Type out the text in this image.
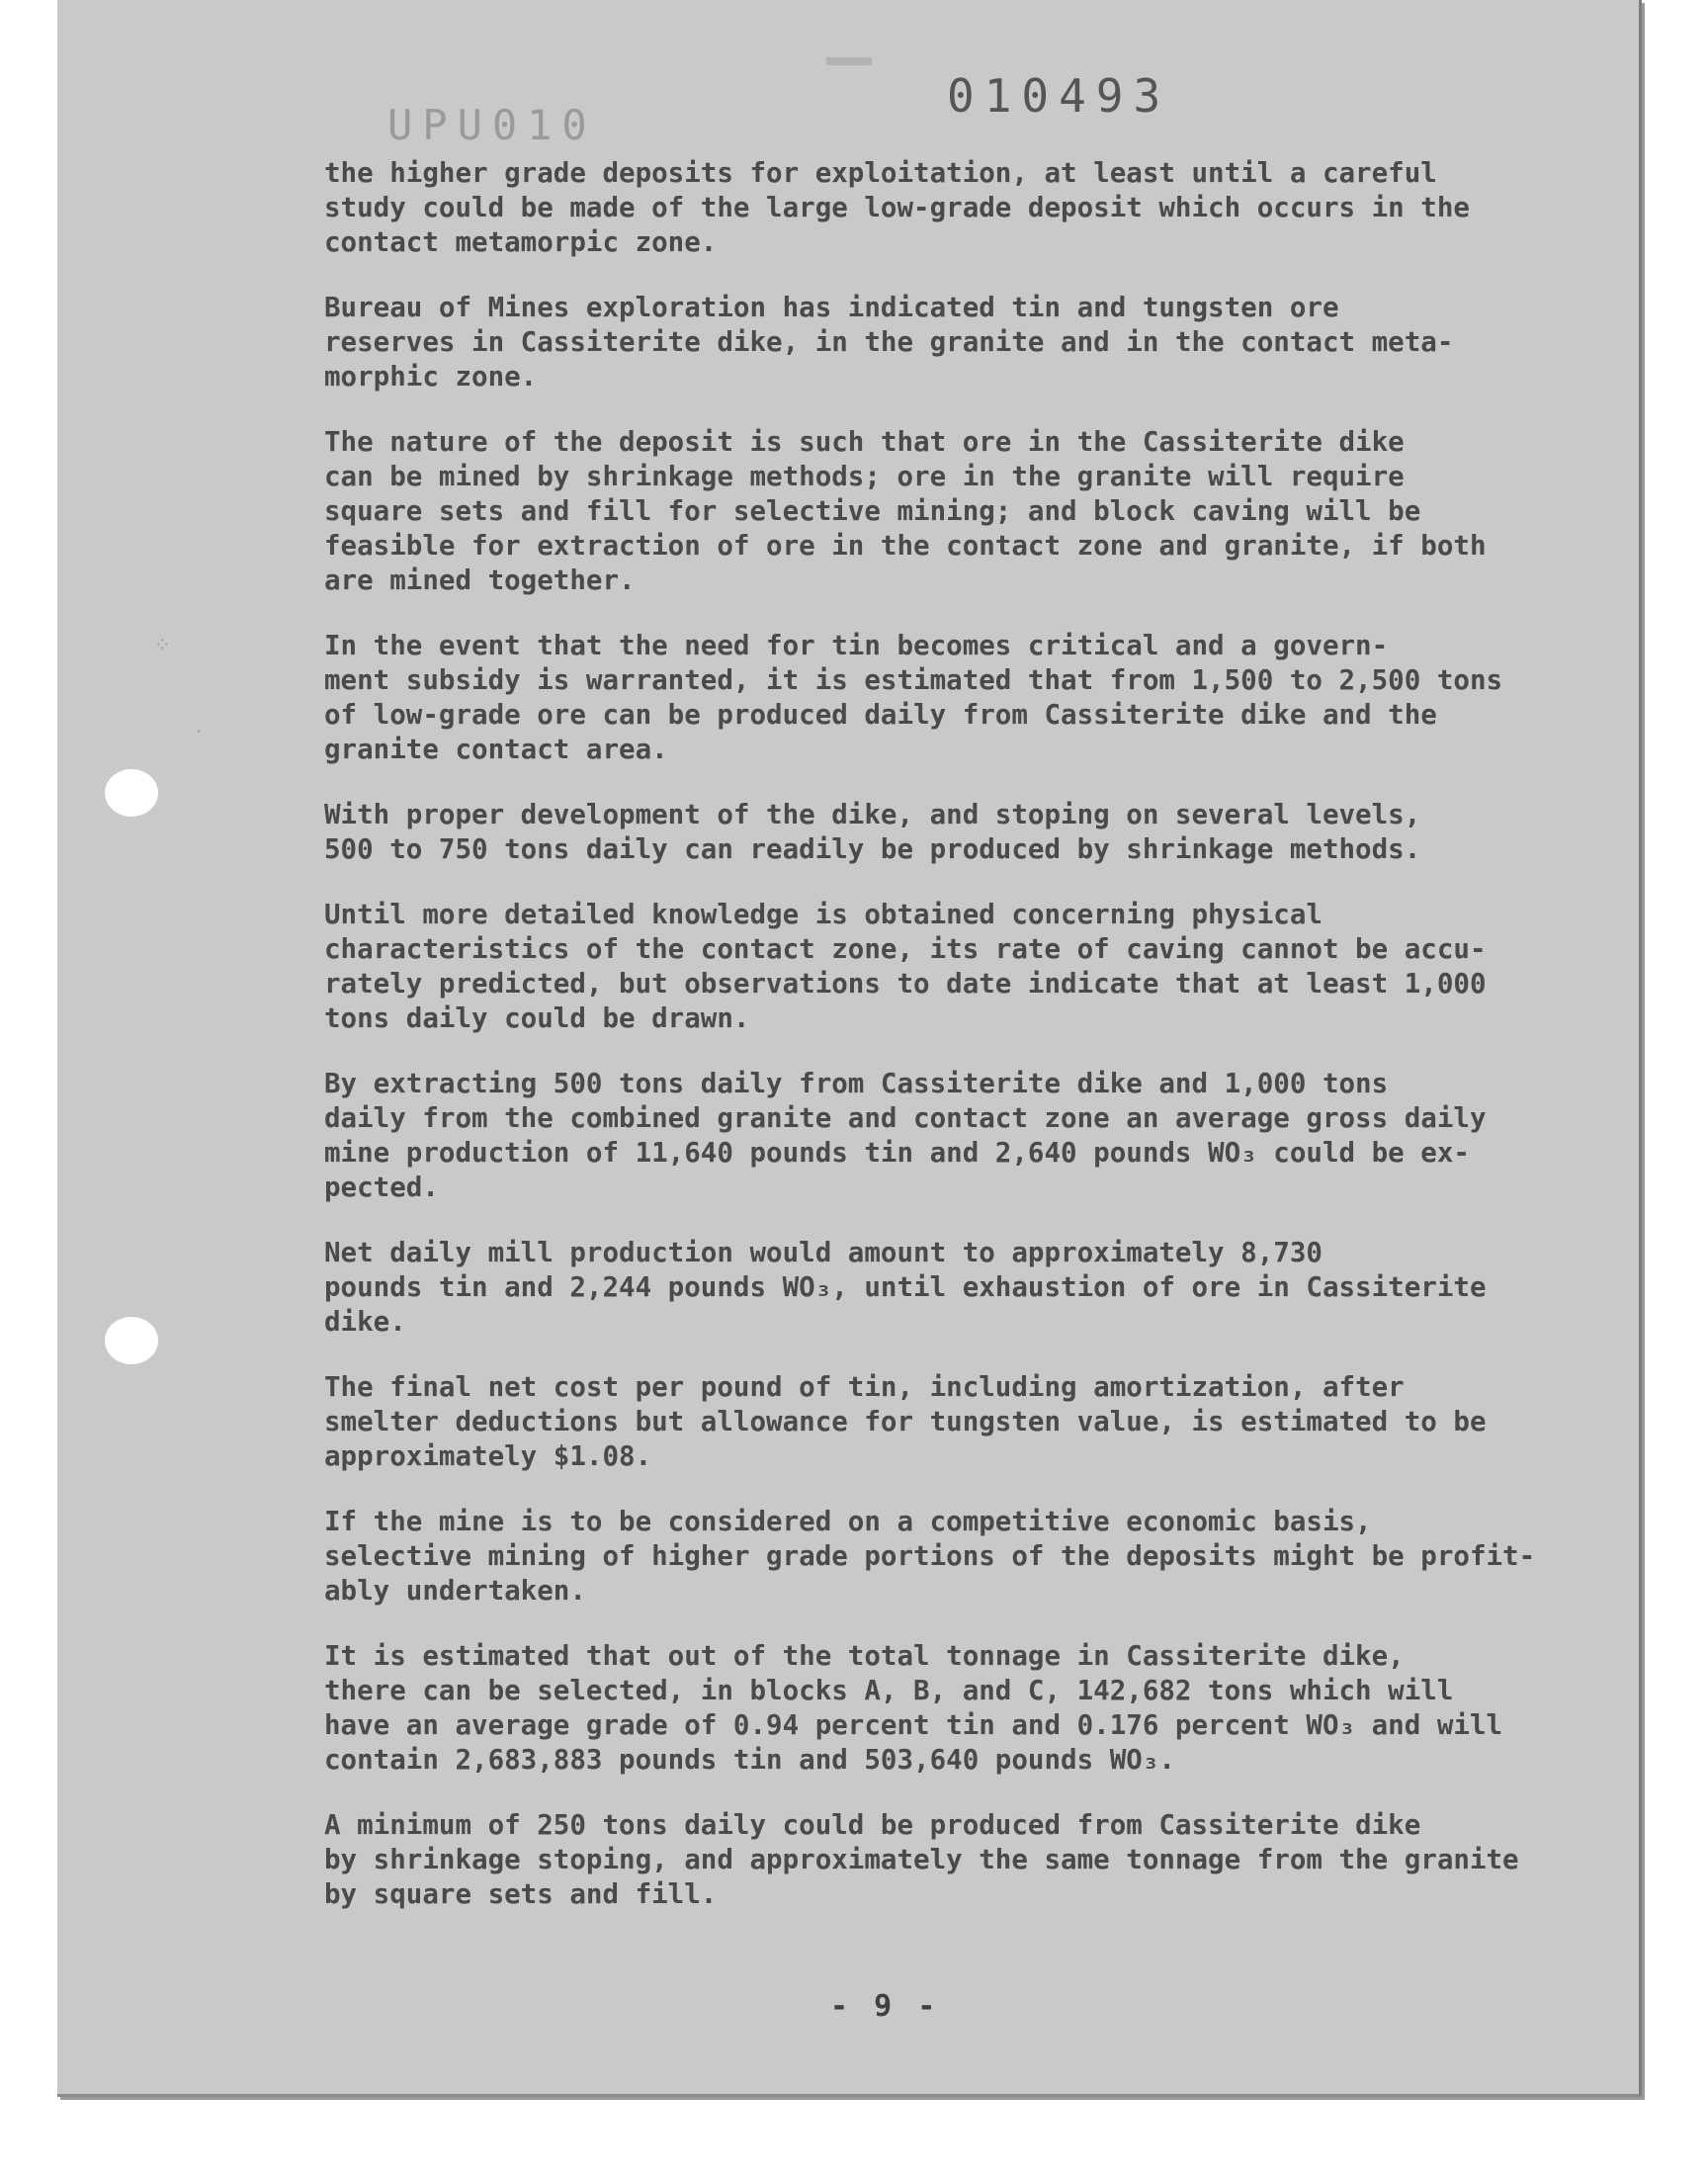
UPU010
010493
⁘
·

the higher grade deposits for exploitation, at least until a careful
study could be made of the large low-grade deposit which occurs in the
contact metamorpic zone.

Bureau of Mines exploration has indicated tin and tungsten ore
reserves in Cassiterite dike, in the granite and in the contact meta-
morphic zone.

The nature of the deposit is such that ore in the Cassiterite dike
can be mined by shrinkage methods; ore in the granite will require
square sets and fill for selective mining; and block caving will be
feasible for extraction of ore in the contact zone and granite, if both
are mined together.

In the event that the need for tin becomes critical and a govern-
ment subsidy is warranted, it is estimated that from 1,500 to 2,500 tons
of low-grade ore can be produced daily from Cassiterite dike and the
granite contact area.

With proper development of the dike, and stoping on several levels,
500 to 750 tons daily can readily be produced by shrinkage methods.

Until more detailed knowledge is obtained concerning physical
characteristics of the contact zone, its rate of caving cannot be accu-
rately predicted, but observations to date indicate that at least 1,000
tons daily could be drawn.

By extracting 500 tons daily from Cassiterite dike and 1,000 tons
daily from the combined granite and contact zone an average gross daily
mine production of 11,640 pounds tin and 2,640 pounds WO₃ could be ex-
pected.

Net daily mill production would amount to approximately 8,730
pounds tin and 2,244 pounds WO₃, until exhaustion of ore in Cassiterite
dike.

The final net cost per pound of tin, including amortization, after
smelter deductions but allowance for tungsten value, is estimated to be
approximately $1.08.

If the mine is to be considered on a competitive economic basis,
selective mining of higher grade portions of the deposits might be profit-
ably undertaken.

It is estimated that out of the total tonnage in Cassiterite dike,
there can be selected, in blocks A, B, and C, 142,682 tons which will
have an average grade of 0.94 percent tin and 0.176 percent WO₃ and will
contain 2,683,883 pounds tin and 503,640 pounds WO₃.

A minimum of 250 tons daily could be produced from Cassiterite dike
by shrinkage stoping, and approximately the same tonnage from the granite
by square sets and fill.

- 9 -
